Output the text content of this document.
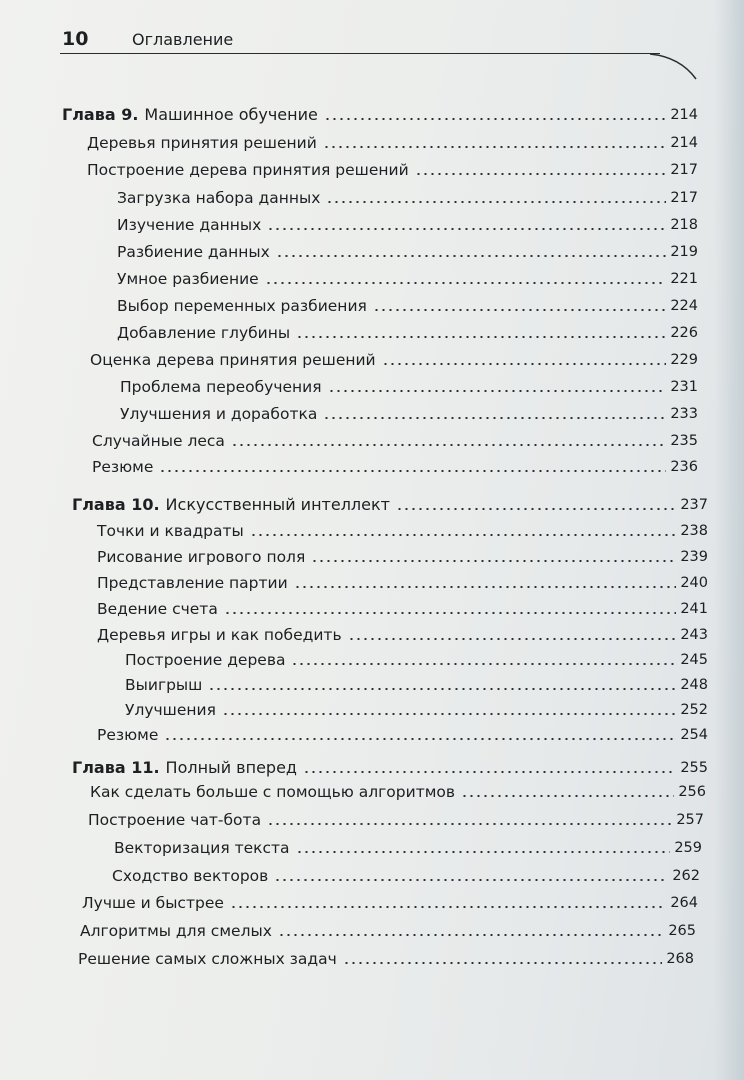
10	Оглавление
Глава 9. Машинное обучение	214
Деревья принятия решений	214
Построение дерева принятия решений	217
Загрузка набора данных	217
Изучение данных	218
Разбиение данных	219
Умное разбиение	221
Выбор переменных разбиения	224
Добавление глубины	226
Оценка дерева принятия решений	229
Проблема переобучения	231
Улучшения и доработка	233
Случайные леса	235
Резюме	236
Глава 10. Искусственный интеллект	237
Точки и квадраты	238
Рисование игрового поля	239
Представление партии	240
Ведение счета	241
Деревья игры и как победить	243
Построение дерева	245
Выигрыш	248
Улучшения	252
Резюме	254
Глава 11. Полный вперед	255
Как сделать больше с помощью алгоритмов	256
Построение чат-бота	257
Векторизация текста	259
Сходство векторов	262
Лучше и быстрее	264
Алгоритмы для смелых	265
Решение самых сложных задач	268
